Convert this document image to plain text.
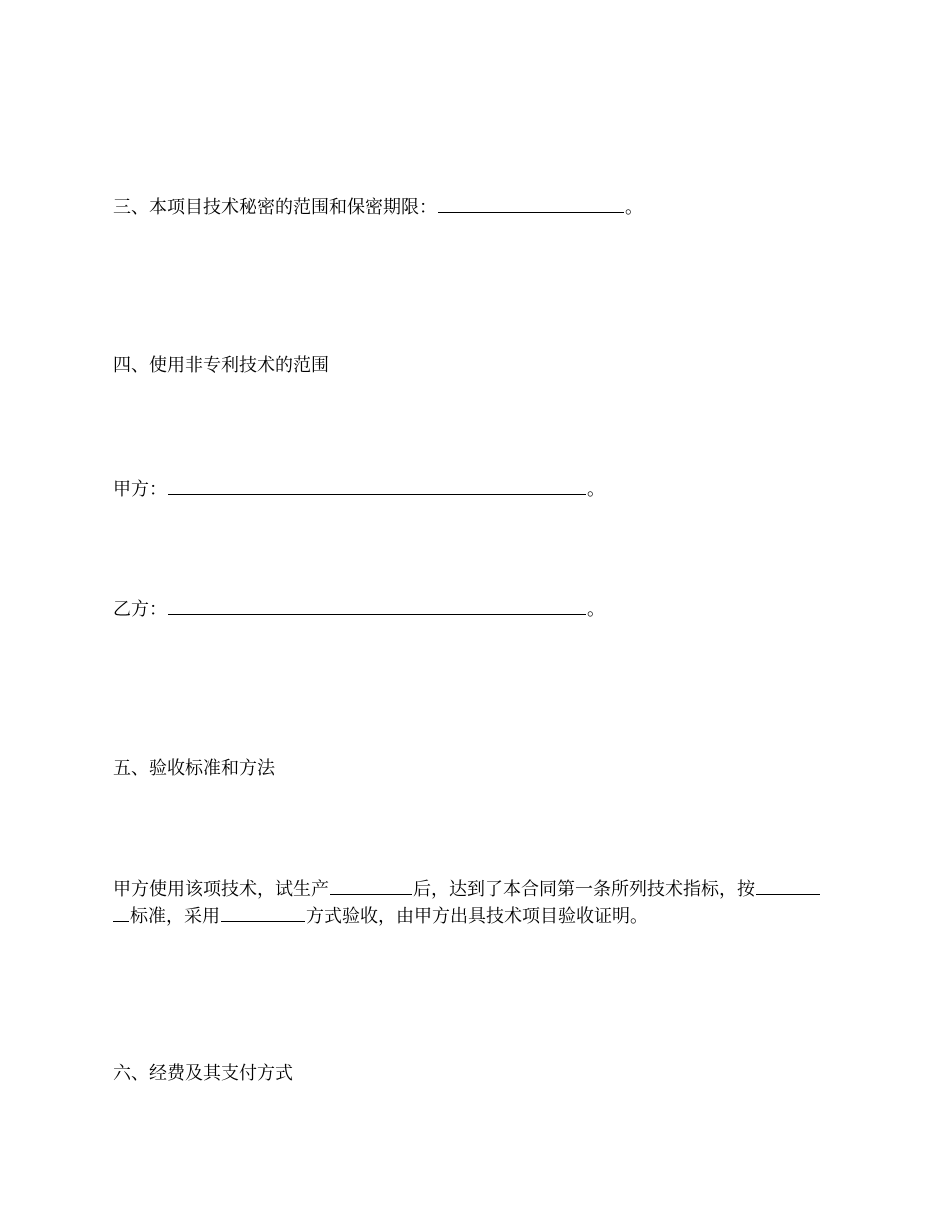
三、本项目技术秘密的范围和保密期限：	。
四、使用非专利技术的范围
甲方：	。
乙方：	。
五、验收标准和方法
甲方使用该项技术，试生产	后，达到了本合同第一条所列技术指标，按
标准，采用	方式验收，由甲方出具技术项目验收证明。
六、经费及其支付方式
